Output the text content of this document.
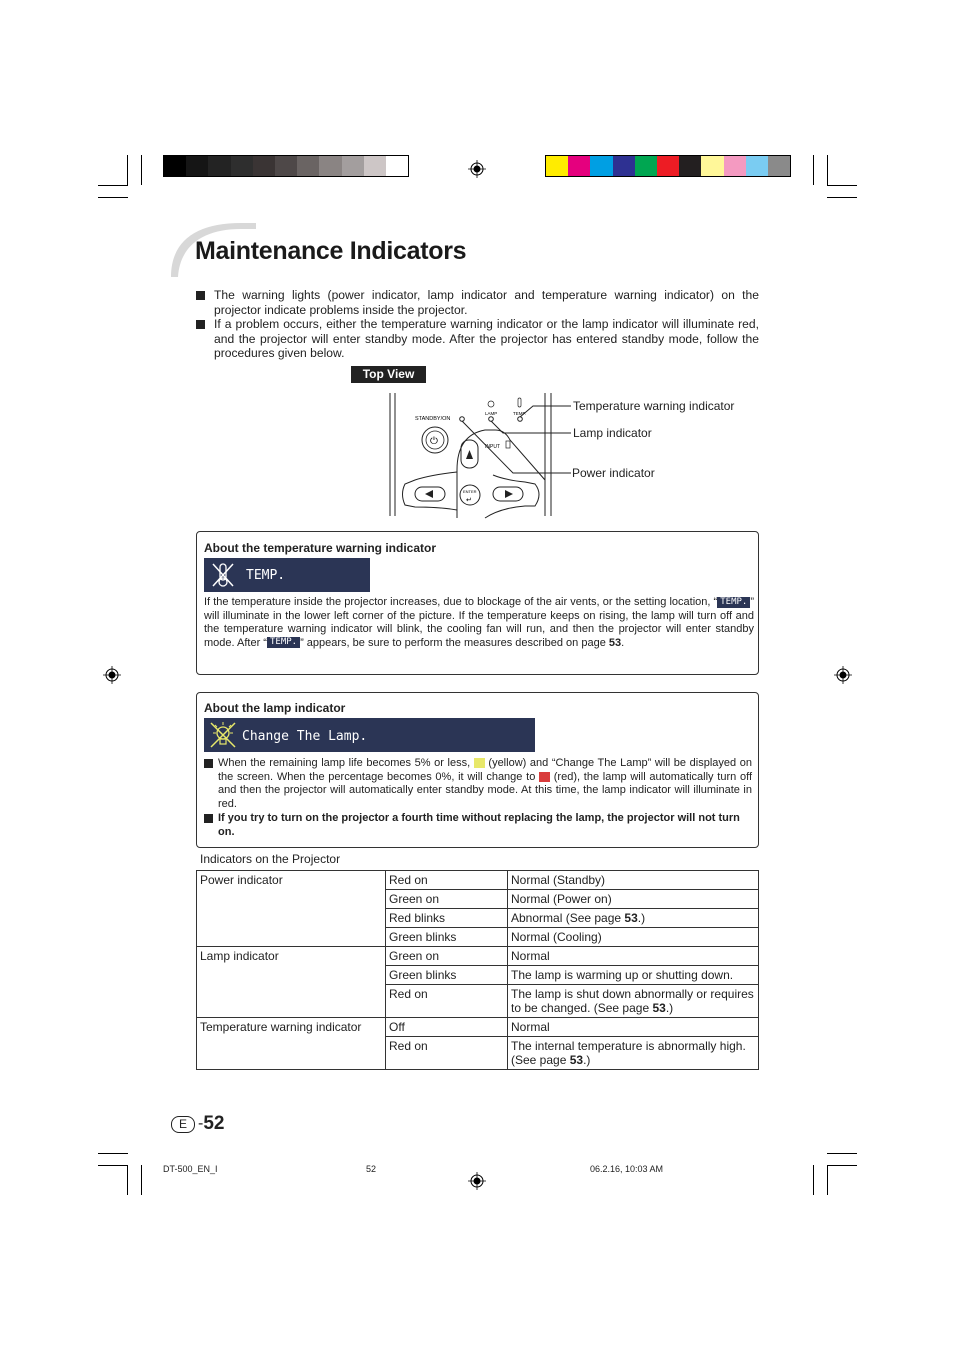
Maintenance Indicators
The warning lights (power indicator, lamp indicator and temperature warning indicator) on the projector indicate problems inside the projector.
If a problem occurs, either the temperature warning indicator or the lamp indicator will illuminate red, and the projector will enter standby mode. After the projector has entered standby mode, follow the procedures given below.
Top View
LAMP	TEMP.
STANDBY/ON
⏻	INPUT
ENTER
↵
Temperature warning indicator
Lamp indicator
Power indicator
About the temperature warning indicator
TEMP.
If the temperature inside the projector increases, due to blockage of the air vents, or the setting location, “ TEMP. ” will illuminate in the lower left corner of the picture. If the temperature keeps on rising, the lamp will turn off and the temperature warning indicator will blink, the cooling fan will run, and then the projector will enter standby mode. After “ TEMP. ” appears, be sure to perform the measures described on page 53.
About the lamp indicator
Change The Lamp.
When the remaining lamp life becomes 5% or less,  (yellow) and “Change The Lamp” will be displayed on the screen. When the percentage becomes 0%, it will change to  (red), the lamp will automatically turn off and then the projector will automatically enter standby mode. At this time, the lamp indicator will illuminate in red.
If you try to turn on the projector a fourth time without replacing the lamp, the projector will not turn on.
Indicators on the Projector
Power indicator	Red on	Normal (Standby)
	Green on	Normal (Power on)
	Red blinks	Abnormal (See page 53.)
	Green blinks	Normal (Cooling)
Lamp indicator	Green on	Normal
	Green blinks	The lamp is warming up or shutting down.
	Red on	The lamp is shut down abnormally or requires to be changed. (See page 53.)
Temperature warning indicator	Off	Normal
	Red on	The internal temperature is abnormally high. (See page 53.)
E - 52
DT-500_EN_I	52	06.2.16, 10:03 AM
